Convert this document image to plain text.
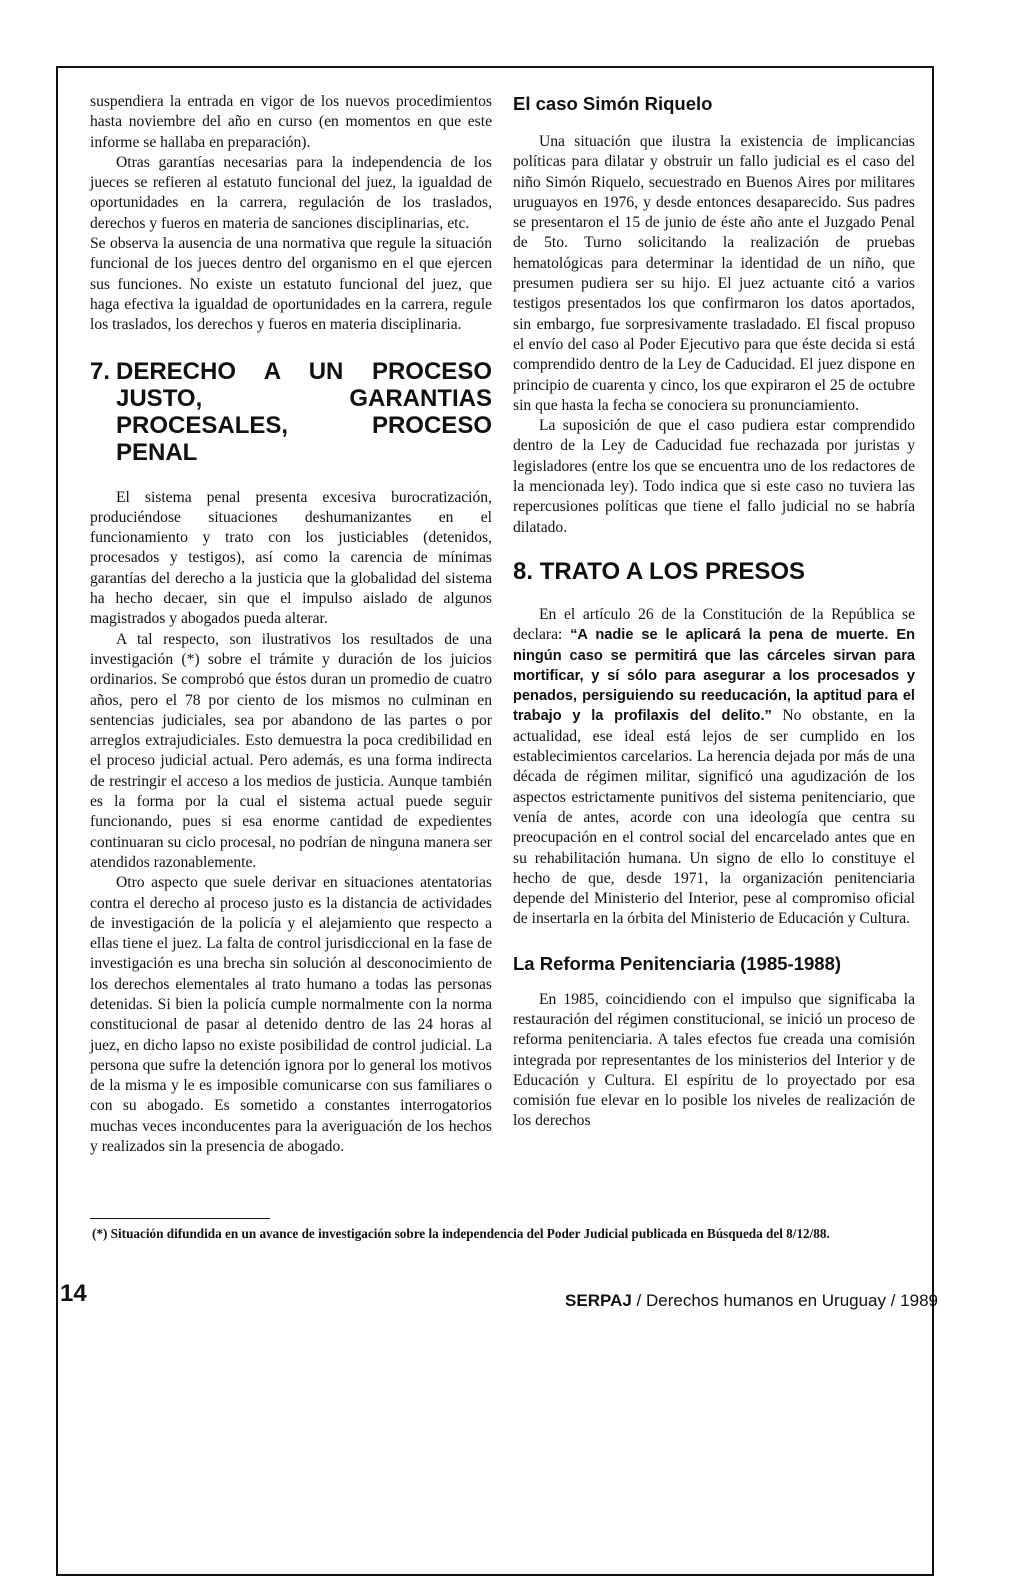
suspendiera la entrada en vigor de los nuevos procedimientos hasta noviembre del año en curso (en momentos en que este informe se hallaba en preparación).

Otras garantías necesarias para la independencia de los jueces se refieren al estatuto funcional del juez, la igualdad de oportunidades en la carrera, regulación de los traslados, derechos y fueros en materia de sanciones disciplinarias, etc.

Se observa la ausencia de una normativa que regule la situación funcional de los jueces dentro del organismo en el que ejercen sus funciones. No existe un estatuto funcional del juez, que haga efectiva la igualdad de oportunidades en la carrera, regule los traslados, los derechos y fueros en materia disciplinaria.

7. DERECHO A UN PROCESO JUSTO, GARANTIAS PROCESALES, PROCESO PENAL

El sistema penal presenta excesiva burocratización, produciéndose situaciones deshumanizantes en el funcionamiento y trato con los justiciables (detenidos, procesados y testigos), así como la carencia de mínimas garantías del derecho a la justicia que la globalidad del sistema ha hecho decaer, sin que el impulso aislado de algunos magistrados y abogados pueda alterar.

A tal respecto, son ilustrativos los resultados de una investigación (*) sobre el trámite y duración de los juicios ordinarios. Se comprobó que éstos duran un promedio de cuatro años, pero el 78 por ciento de los mismos no culminan en sentencias judiciales, sea por abandono de las partes o por arreglos extrajudiciales. Esto demuestra la poca credibilidad en el proceso judicial actual. Pero además, es una forma indirecta de restringir el acceso a los medios de justicia. Aunque también es la forma por la cual el sistema actual puede seguir funcionando, pues si esa enorme cantidad de expedientes continuaran su ciclo procesal, no podrían de ninguna manera ser atendidos razonablemente.

Otro aspecto que suele derivar en situaciones atentatorias contra el derecho al proceso justo es la distancia de actividades de investigación de la policía y el alejamiento que respecto a ellas tiene el juez. La falta de control jurisdiccional en la fase de investigación es una brecha sin solución al desconocimiento de los derechos elementales al trato humano a todas las personas detenidas. Si bien la policía cumple normalmente con la norma constitucional de pasar al detenido dentro de las 24 horas al juez, en dicho lapso no existe posibilidad de control judicial. La persona que sufre la detención ignora por lo general los motivos de la misma y le es imposible comunicarse con sus familiares o con su abogado. Es sometido a constantes interrogatorios muchas veces inconducentes para la averiguación de los hechos y realizados sin la presencia de abogado.

El caso Simón Riquelo

Una situación que ilustra la existencia de implicancias políticas para dilatar y obstruir un fallo judicial es el caso del niño Simón Riquelo, secuestrado en Buenos Aires por militares uruguayos en 1976, y desde entonces desaparecido. Sus padres se presentaron el 15 de junio de éste año ante el Juzgado Penal de 5to. Turno solicitando la realización de pruebas hematológicas para determinar la identidad de un niño, que presumen pudiera ser su hijo. El juez actuante citó a varios testigos presentados los que confirmaron los datos aportados, sin embargo, fue sorpresivamente trasladado. El fiscal propuso el envío del caso al Poder Ejecutivo para que éste decida si está comprendido dentro de la Ley de Caducidad. El juez dispone en principio de cuarenta y cinco, los que expiraron el 25 de octubre sin que hasta la fecha se conociera su pronunciamiento.

La suposición de que el caso pudiera estar comprendido dentro de la Ley de Caducidad fue rechazada por juristas y legisladores (entre los que se encuentra uno de los redactores de la mencionada ley). Todo indica que si este caso no tuviera las repercusiones políticas que tiene el fallo judicial no se habría dilatado.

8. TRATO A LOS PRESOS

En el artículo 26 de la Constitución de la República se declara: “A nadie se le aplicará la pena de muerte. En ningún caso se permitirá que las cárceles sirvan para mortificar, y sí sólo para asegurar a los procesados y penados, persiguiendo su reeducación, la aptitud para el trabajo y la profilaxis del delito.” No obstante, en la actualidad, ese ideal está lejos de ser cumplido en los establecimientos carcelarios. La herencia dejada por más de una década de régimen militar, significó una agudización de los aspectos estrictamente punitivos del sistema penitenciario, que venía de antes, acorde con una ideología que centra su preocupación en el control social del encarcelado antes que en su rehabilitación humana. Un signo de ello lo constituye el hecho de que, desde 1971, la organización penitenciaria depende del Ministerio del Interior, pese al compromiso oficial de insertarla en la órbita del Ministerio de Educación y Cultura.

La Reforma Penitenciaria (1985-1988)

En 1985, coincidiendo con el impulso que significaba la restauración del régimen constitucional, se inició un proceso de reforma penitenciaria. A tales efectos fue creada una comisión integrada por representantes de los ministerios del Interior y de Educación y Cultura. El espíritu de lo proyectado por esa comisión fue elevar en lo posible los niveles de realización de los derechos

(*) Situación difundida en un avance de investigación sobre la independencia del Poder Judicial publicada en Búsqueda del 8/12/88.
14	SERPAJ / Derechos humanos en Uruguay / 1989
